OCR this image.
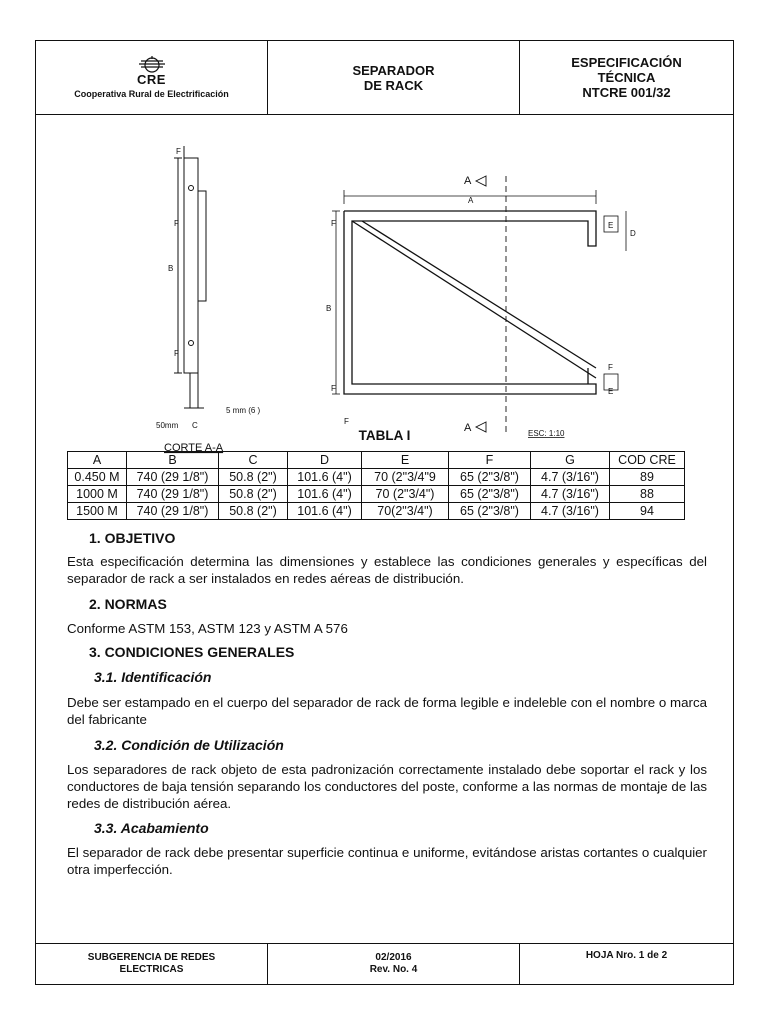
CRE
Cooperativa Rural de Electrificación
SEPARADOR
DE RACK
ESPECIFICACIÓN
TÉCNICA
NTCRE 001/32
F
F
B
F
5 mm (6 )
50mm C
CORTE A-A
A
A
A
B
F
F
F
E
D
F
E
ESC: 1:10
TABLA I
A	B	C	D	E	F	G	COD CRE
0.450 M	740 (29 1/8")	50.8 (2")	101.6 (4")	70 (2"3/4"9	65 (2"3/8")	4.7 (3/16")	89
1000 M	740 (29 1/8")	50.8 (2")	101.6 (4")	70 (2"3/4")	65 (2"3/8")	4.7 (3/16")	88
1500 M	740 (29 1/8")	50.8 (2")	101.6 (4")	70(2"3/4")	65 (2"3/8")	4.7 (3/16")	94
1. OBJETIVO
Esta especificación determina las dimensiones y establece las condiciones generales y específicas del separador de rack a ser instalados en redes aéreas de distribución.
2. NORMAS
Conforme ASTM 153, ASTM 123 y ASTM A 576
3. CONDICIONES GENERALES
3.1. Identificación
Debe ser estampado en el cuerpo del separador de rack de forma legible e indeleble con el nombre o marca del fabricante
3.2. Condición de Utilización
Los separadores de rack objeto de esta padronización correctamente instalado debe soportar el rack y los conductores de baja tensión separando los conductores del poste, conforme a las normas de montaje de las redes de distribución aérea.
3.3. Acabamiento
El separador de rack debe presentar superficie continua e uniforme, evitándose aristas cortantes o cualquier otra imperfección.
SUBGERENCIA DE REDES
ELECTRICAS
02/2016
Rev. No. 4
HOJA Nro. 1 de 2
